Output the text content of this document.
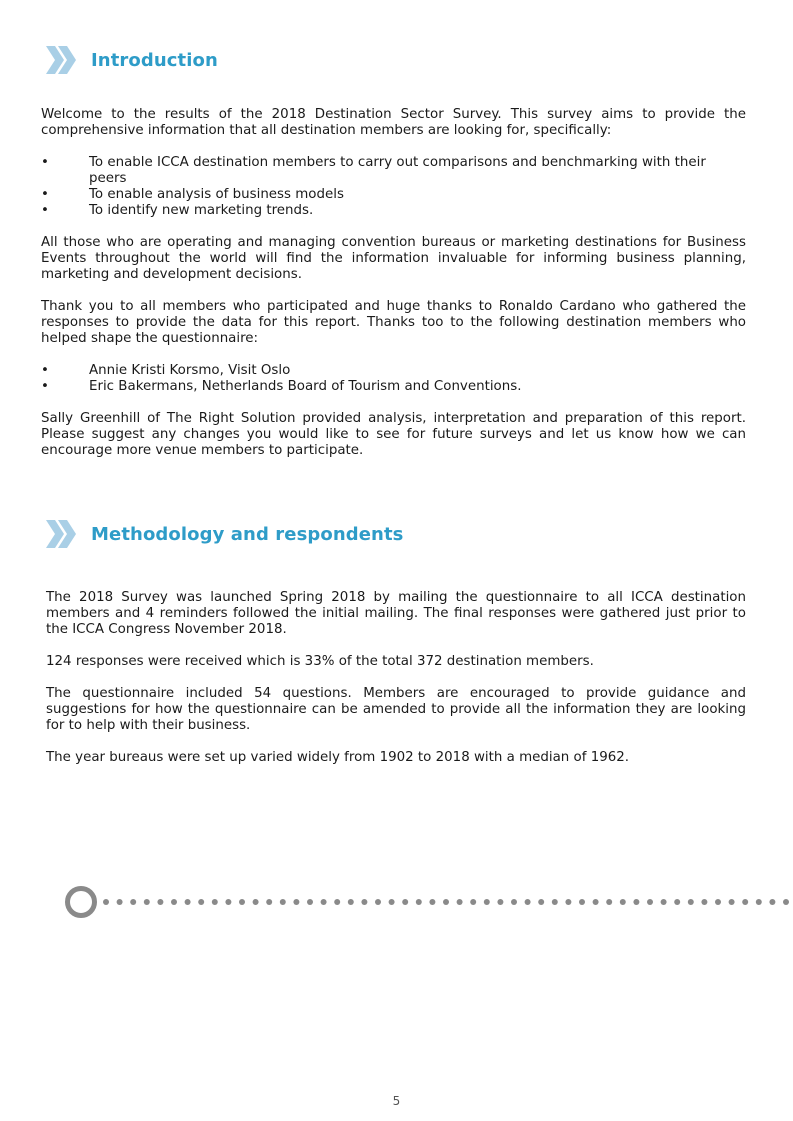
Introduction

Welcome to the results of the 2018 Destination Sector Survey. This survey aims to provide the comprehensive information that all destination members are looking for, specifically:

•	To enable ICCA destination members to carry out comparisons and benchmarking with their peers
•	To enable analysis of business models
•	To identify new marketing trends.

All those who are operating and managing convention bureaus or marketing destinations for Business Events throughout the world will find the information invaluable for informing business planning, marketing and development decisions.

Thank you to all members who participated and huge thanks to Ronaldo Cardano who gathered the responses to provide the data for this report. Thanks too to the following destination members who helped shape the questionnaire:

•	Annie Kristi Korsmo, Visit Oslo
•	Eric Bakermans, Netherlands Board of Tourism and Conventions.

Sally Greenhill of The Right Solution provided analysis, interpretation and preparation of this report. Please suggest any changes you would like to see for future surveys and let us know how we can encourage more venue members to participate.

Methodology and respondents

The 2018 Survey was launched Spring 2018 by mailing the questionnaire to all ICCA destination members and 4 reminders followed the initial mailing. The final responses were gathered just prior to the ICCA Congress November 2018.

124 responses were received which is 33% of the total 372 destination members.

The questionnaire included 54 questions. Members are encouraged to provide guidance and suggestions for how the questionnaire can be amended to provide all the information they are looking for to help with their business.

The year bureaus were set up varied widely from 1902 to 2018 with a median of 1962.

5
